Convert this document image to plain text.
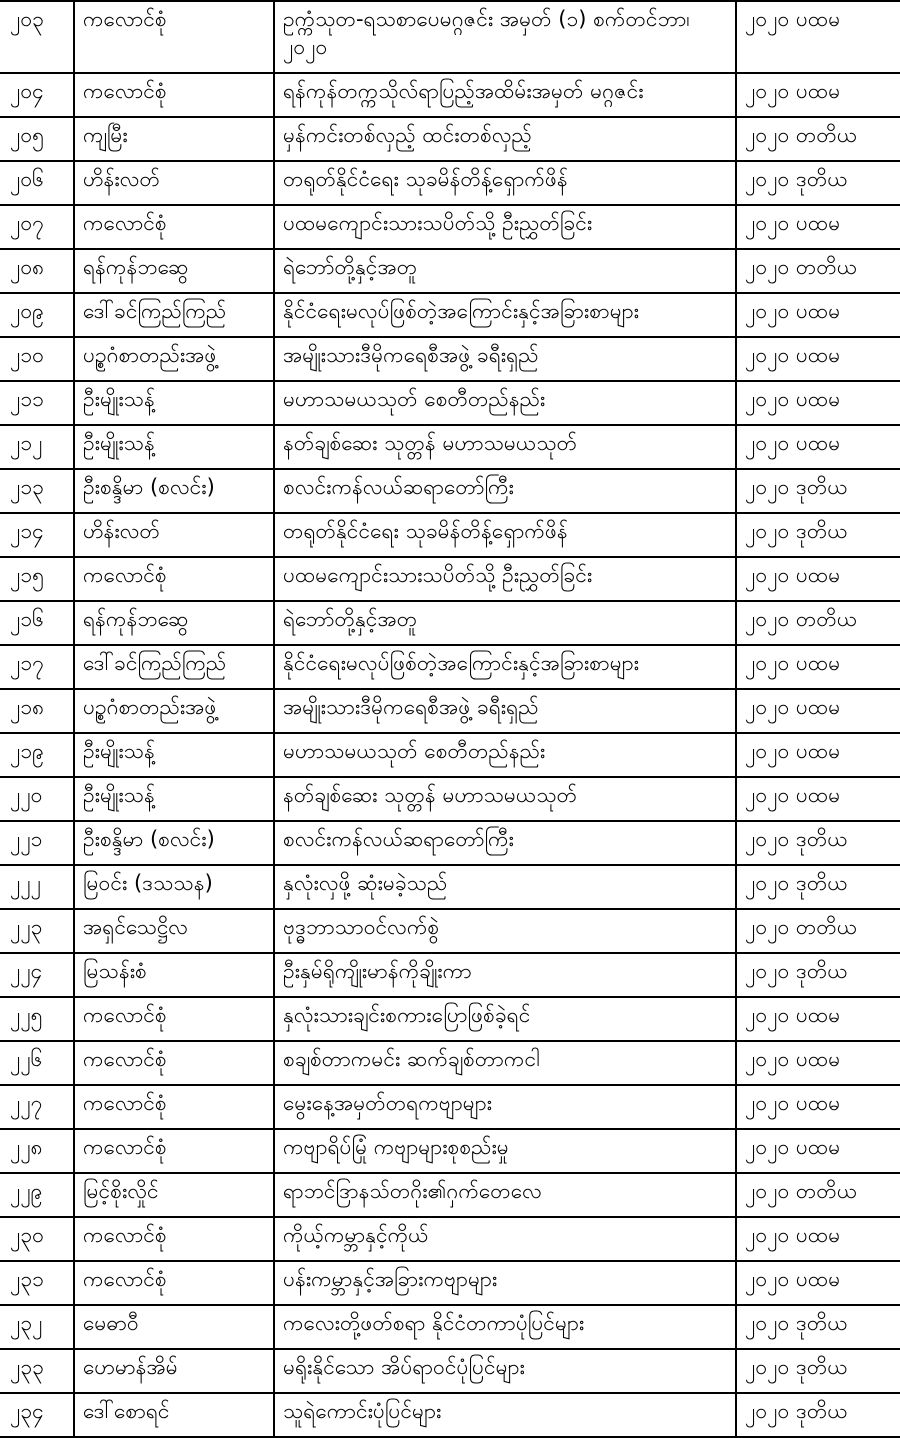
၂၀၃	ကလောင်စုံ	ဥက္ကံသုတ-ရသစာပေမဂ္ဂဇင်း အမှတ် (၁) စက်တင်ဘာ၊ ၂၀၂၀	၂၀၂၀ ပထမ
၂၀၄	ကလောင်စုံ	ရန်ကုန်တက္ကသိုလ်ရာပြည့်အထိမ်းအမှတ် မဂ္ဂဇင်း	၂၀၂၀ ပထမ
၂၀၅	ကျမြီး	မှန်ကင်းတစ်လှည့် ထင်းတစ်လှည့်	၂၀၂၀ တတိယ
၂၀၆	ဟိန်းလတ်	တရုတ်နိုင်ငံရေး သုခမိန်တိန့်ရှောက်ဖိန်	၂၀၂၀ ဒုတိယ
၂၀၇	ကလောင်စုံ	ပထမကျောင်းသားသပိတ်သို့ ဦးညွှတ်ခြင်း	၂၀၂၀ ပထမ
၂၀၈	ရန်ကုန်ဘဆွေ	ရဲဘော်တို့နှင့်အတူ	၂၀၂၀ တတိယ
၂၀၉	ဒေါ်ခင်ကြည်ကြည်	နိုင်ငံရေးမလုပ်ဖြစ်တဲ့အကြောင်းနှင့်အခြားစာများ	၂၀၂၀ ပထမ
၂၁၀	ပဥ္စဂံစာတည်းအဖွဲ့	အမျိုးသားဒီမိုကရေစီအဖွဲ့ ခရီးရှည်	၂၀၂၀ ပထမ
၂၁၁	ဦးမျိုးသန့်	မဟာသမယသုတ် စေတီတည်နည်း	၂၀၂၀ ပထမ
၂၁၂	ဦးမျိုးသန့်	နတ်ချစ်ဆေး သုတ္တန် မဟာသမယသုတ်	၂၀၂၀ ပထမ
၂၁၃	ဦးစန္ဒိမာ (စလင်း)	စလင်းကန်လယ်ဆရာတော်ကြီး	၂၀၂၀ ဒုတိယ
၂၁၄	ဟိန်းလတ်	တရုတ်နိုင်ငံရေး သုခမိန်တိန့်ရှောက်ဖိန်	၂၀၂၀ ဒုတိယ
၂၁၅	ကလောင်စုံ	ပထမကျောင်းသားသပိတ်သို့ ဦးညွှတ်ခြင်း	၂၀၂၀ ပထမ
၂၁၆	ရန်ကုန်ဘဆွေ	ရဲဘော်တို့နှင့်အတူ	၂၀၂၀ တတိယ
၂၁၇	ဒေါ်ခင်ကြည်ကြည်	နိုင်ငံရေးမလုပ်ဖြစ်တဲ့အကြောင်းနှင့်အခြားစာများ	၂၀၂၀ ပထမ
၂၁၈	ပဥ္စဂံစာတည်းအဖွဲ့	အမျိုးသားဒီမိုကရေစီအဖွဲ့ ခရီးရှည်	၂၀၂၀ ပထမ
၂၁၉	ဦးမျိုးသန့်	မဟာသမယသုတ် စေတီတည်နည်း	၂၀၂၀ ပထမ
၂၂၀	ဦးမျိုးသန့်	နတ်ချစ်ဆေး သုတ္တန် မဟာသမယသုတ်	၂၀၂၀ ပထမ
၂၂၁	ဦးစန္ဒိမာ (စလင်း)	စလင်းကန်လယ်ဆရာတော်ကြီး	၂၀၂၀ ဒုတိယ
၂၂၂	မြဝင်း (ဒသသန)	နှလုံးလှဖို့ ဆုံးမခဲ့သည်	၂၀၂၀ ဒုတိယ
၂၂၃	အရှင်သေဋ္ဌိလ	ဗုဒ္ဓဘာသာဝင်လက်စွဲ	၂၀၂၀ တတိယ
၂၂၄	မြသန်းစံ	ဦးနှမ်ရိုကျိုးမာန်ကိုချိုးကာ	၂၀၂၀ ဒုတိယ
၂၂၅	ကလောင်စုံ	နှလုံးသားချင်းစကားပြောဖြစ်ခဲ့ရင်	၂၀၂၀ ပထမ
၂၂၆	ကလောင်စုံ	စချစ်တာကမင်း ဆက်ချစ်တာကငါ	၂၀၂၀ ပထမ
၂၂၇	ကလောင်စုံ	မွေးနေ့အမှတ်တရကဗျာများ	၂၀၂၀ ပထမ
၂၂၈	ကလောင်စုံ	ကဗျာရိပ်မြုံ ကဗျာများစုစည်းမှု	၂၀၂၀ ပထမ
၂၂၉	မြင့်စိုးလှိုင်	ရာဘင်ဒြာနသ်တဂိုး၏ဂှက်တေလေ	၂၀၂၀ တတိယ
၂၃၀	ကလောင်စုံ	ကိုယ့်ကမ္ဘာနှင့်ကိုယ်	၂၀၂၀ ပထမ
၂၃၁	ကလောင်စုံ	ပန်းကမ္ဘာနှင့်အခြားကဗျာများ	၂၀၂၀ ပထမ
၂၃၂	မေဓာဝီ	ကလေးတို့ဖတ်စရာ နိုင်ငံတကာပုံပြင်များ	၂၀၂၀ ဒုတိယ
၂၃၃	ဟေမာန်အိမ်	မရိုးနိုင်သော အိပ်ရာဝင်ပုံပြင်များ	၂၀၂၀ ဒုတိယ
၂၃၄	ဒေါ်စောရင်	သူရဲကောင်းပုံပြင်များ	၂၀၂၀ ဒုတိယ
